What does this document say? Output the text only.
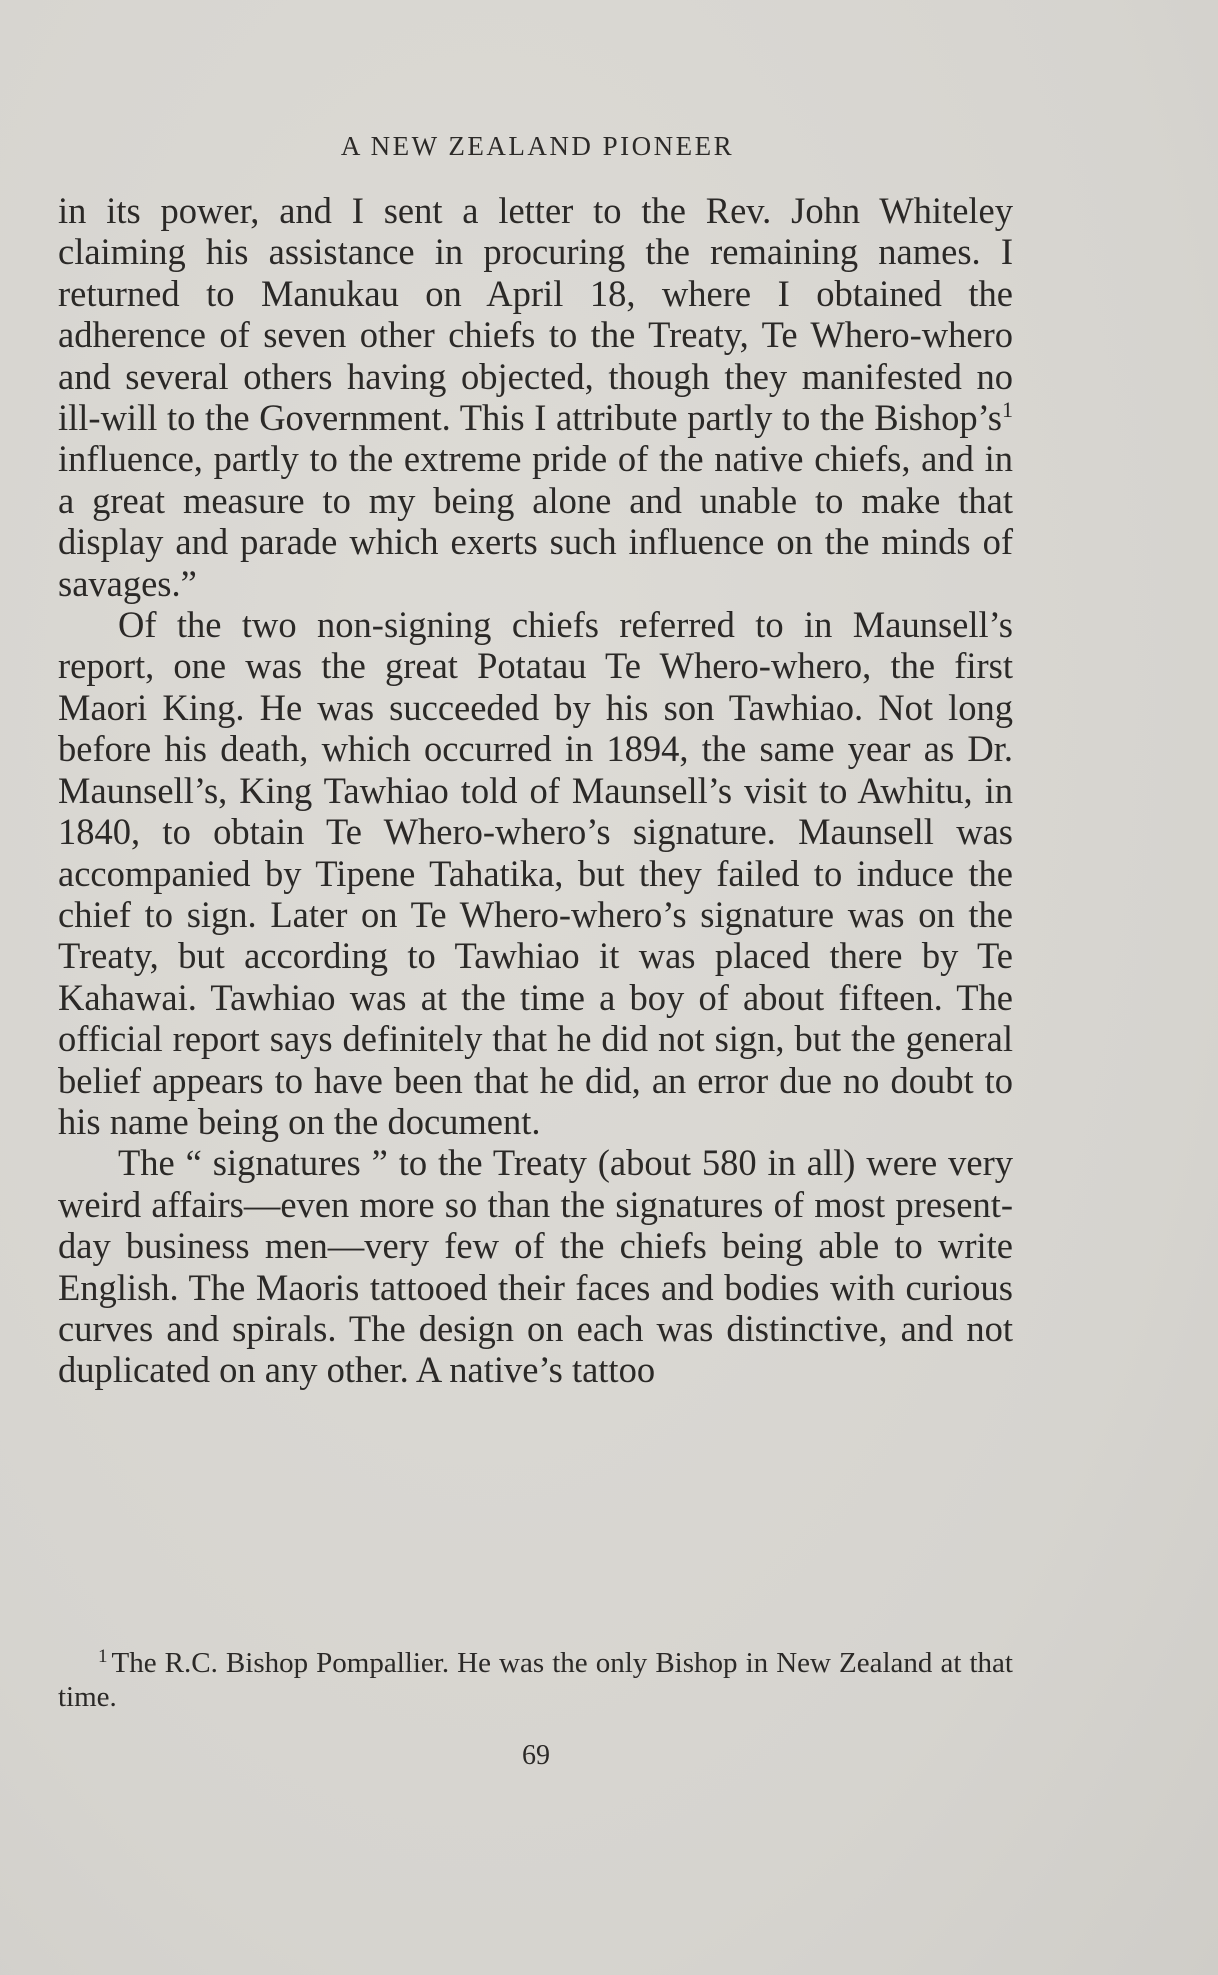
A NEW ZEALAND PIONEER

in its power, and I sent a letter to the Rev. John Whiteley claiming his assistance in procuring the remaining names. I returned to Manukau on April 18, where I obtained the adherence of seven other chiefs to the Treaty, Te Whero-whero and several others having objected, though they manifested no ill-will to the Government. This I attribute partly to the Bishop’s$^1$ influence, partly to the extreme pride of the native chiefs, and in a great measure to my being alone and unable to make that display and parade which exerts such influence on the minds of savages.”

Of the two non-signing chiefs referred to in Maunsell’s report, one was the great Potatau Te Whero-whero, the first Maori King. He was succeeded by his son Tawhiao. Not long before his death, which occurred in 1894, the same year as Dr. Maunsell’s, King Tawhiao told of Maunsell’s visit to Awhitu, in 1840, to obtain Te Whero-whero’s signature. Maunsell was accompanied by Tipene Tahatika, but they failed to induce the chief to sign. Later on Te Whero-whero’s signature was on the Treaty, but according to Tawhiao it was placed there by Te Kahawai. Tawhiao was at the time a boy of about fifteen. The official report says definitely that he did not sign, but the general belief appears to have been that he did, an error due no doubt to his name being on the document.

The “ signatures ” to the Treaty (about 580 in all) were very weird affairs—even more so than the signatures of most present-day business men—very few of the chiefs being able to write English. The Maoris tattooed their faces and bodies with curious curves and spirals. The design on each was distinctive, and not duplicated on any other. A native’s tattoo

$^1$ The R.C. Bishop Pompallier. He was the only Bishop in New Zealand at that time.
69
